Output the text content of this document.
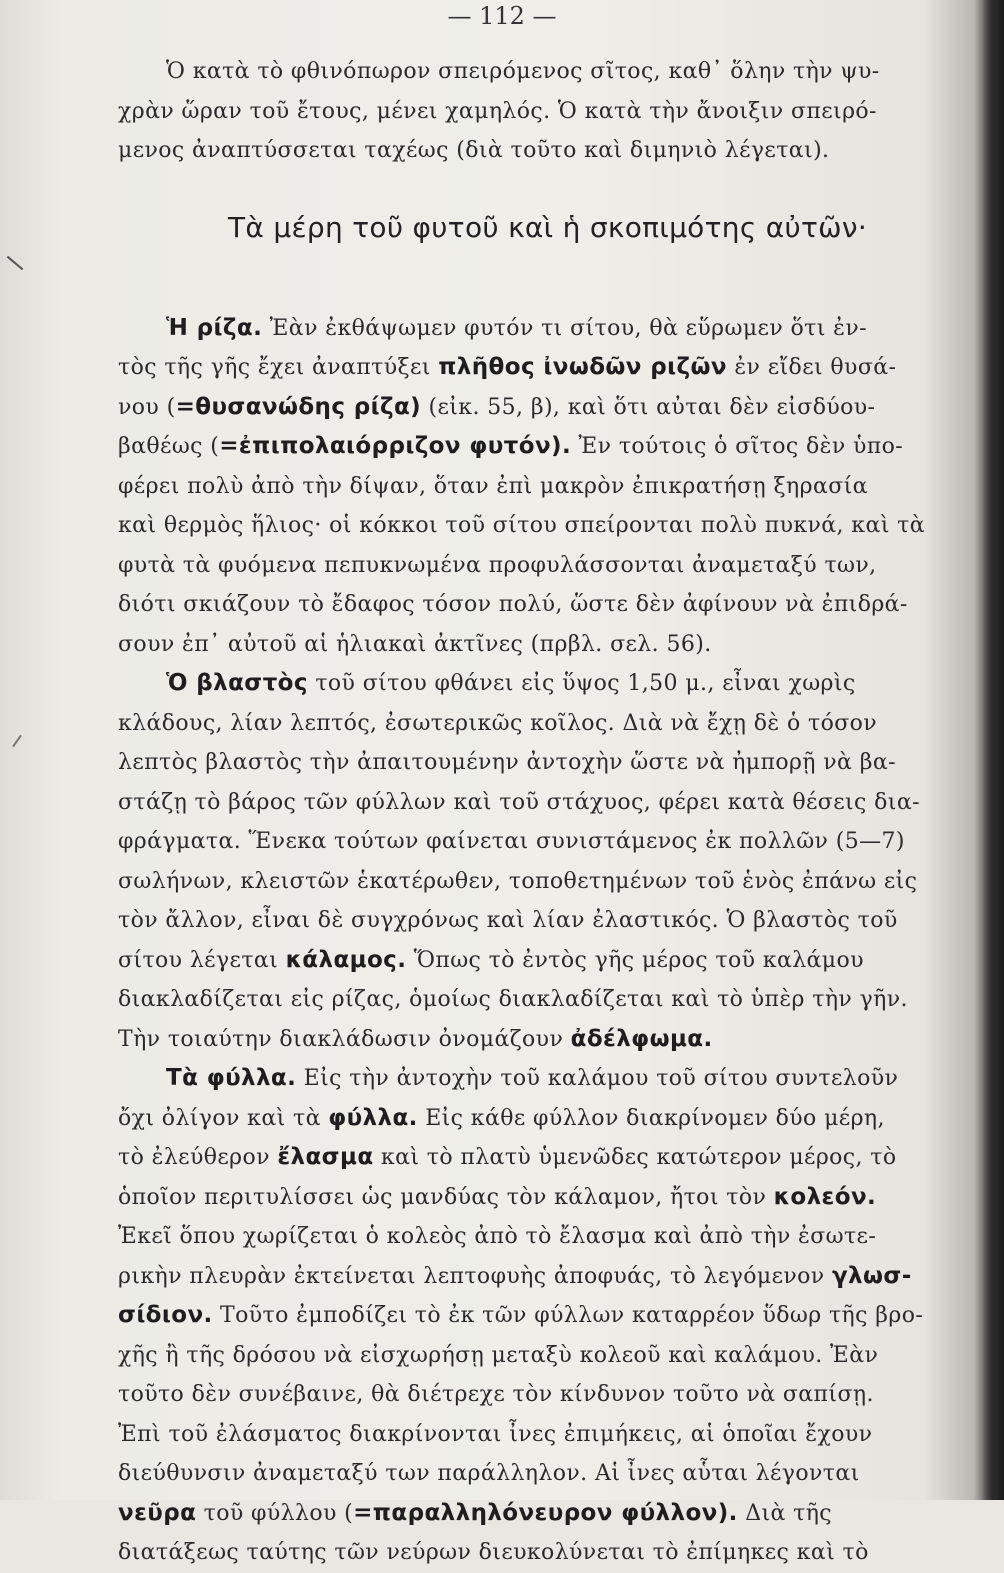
— 112 —
Ὁ κατὰ τὸ φθινόπωρον σπειρόμενος σῖτος, καθ᾽ ὅλην τὴν ψυ-
χρὰν ὥραν τοῦ ἔτους, μένει χαμηλός. Ὁ κατὰ τὴν ἄνοιξιν σπειρό-
μενος ἀναπτύσσεται ταχέως (διὰ τοῦτο καὶ διμηνιὸ λέγεται).
Τὰ μέρη τοῦ φυτοῦ καὶ ἡ σκοπιμότης αὐτῶν·
Ἡ ρίζα. Ἐὰν ἐκθάψωμεν φυτόν τι σίτου, θὰ εὕρωμεν ὅτι ἐν-
τὸς τῆς γῆς ἔχει ἀναπτύξει πλῆθος ἰνωδῶν ριζῶν ἐν εἴδει θυσά-
νου (=θυσανώδης ρίζα) (εἰκ. 55, β), καὶ ὅτι αὐται δὲν εἰσδύου-
βαθέως (=ἐπιπολαιόρριζον φυτόν). Ἐν τούτοις ὁ σῖτος δὲν ὑπο-
φέρει πολὺ ἀπὸ τὴν δίψαν, ὅταν ἐπὶ μακρὸν ἐπικρατήσῃ ξηρασία
καὶ θερμὸς ἥλιος· οἱ κόκκοι τοῦ σίτου σπείρονται πολὺ πυκνά, καὶ τὰ
φυτὰ τὰ φυόμενα πεπυκνωμένα προφυλάσσονται ἀναμεταξύ των,
διότι σκιάζουν τὸ ἔδαφος τόσον πολύ, ὥστε δὲν ἀφίνουν νὰ ἐπιδρά-
σουν ἐπ᾽ αὐτοῦ αἱ ἡλιακαὶ ἀκτῖνες (πρβλ. σελ. 56).
Ὁ βλαστὸς τοῦ σίτου φθάνει εἰς ὕψος 1,50 μ., εἶναι χωρὶς
κλάδους, λίαν λεπτός, ἐσωτερικῶς κοῖλος. Διὰ νὰ ἔχῃ δὲ ὁ τόσον
λεπτὸς βλαστὸς τὴν ἀπαιτουμένην ἀντοχὴν ὥστε νὰ ἠμπορῇ νὰ βα-
στάζῃ τὸ βάρος τῶν φύλλων καὶ τοῦ στάχυος, φέρει κατὰ θέσεις δια-
φράγματα. Ἕνεκα τούτων φαίνεται συνιστάμενος ἐκ πολλῶν (5—7)
σωλήνων, κλειστῶν ἑκατέρωθεν, τοποθετημένων τοῦ ἑνὸς ἐπάνω εἰς
τὸν ἄλλον, εἶναι δὲ συγχρόνως καὶ λίαν ἐλαστικός. Ὁ βλαστὸς τοῦ
σίτου λέγεται κάλαμος. Ὅπως τὸ ἐντὸς γῆς μέρος τοῦ καλάμου
διακλαδίζεται εἰς ρίζας, ὁμοίως διακλαδίζεται καὶ τὸ ὑπὲρ τὴν γῆν.
Τὴν τοιαύτην διακλάδωσιν ὀνομάζουν ἀδέλφωμα.
Τὰ φύλλα. Εἰς τὴν ἀντοχὴν τοῦ καλάμου τοῦ σίτου συντελοῦν
ὄχι ὀλίγον καὶ τὰ φύλλα. Εἰς κάθε φύλλον διακρίνομεν δύο μέρη,
τὸ ἐλεύθερον ἔλασμα καὶ τὸ πλατὺ ὑμενῶδες κατώτερον μέρος, τὸ
ὁποῖον περιτυλίσσει ὡς μανδύας τὸν κάλαμον, ἤτοι τὸν κολεόν.
Ἐκεῖ ὅπου χωρίζεται ὁ κολεὸς ἀπὸ τὸ ἔλασμα καὶ ἀπὸ τὴν ἐσωτε-
ρικὴν πλευρὰν ἐκτείνεται λεπτοφυὴς ἀποφυάς, τὸ λεγόμενον γλωσ-
σίδιον. Τοῦτο ἐμποδίζει τὸ ἐκ τῶν φύλλων καταρρέον ὕδωρ τῆς βρο-
χῆς ἢ τῆς δρόσου νὰ εἰσχωρήσῃ μεταξὺ κολεοῦ καὶ καλάμου. Ἐὰν
τοῦτο δὲν συνέβαινε, θὰ διέτρεχε τὸν κίνδυνον τοῦτο νὰ σαπίσῃ.
Ἐπὶ τοῦ ἐλάσματος διακρίνονται ἶνες ἐπιμήκεις, αἱ ὁποῖαι ἔχουν
διεύθυνσιν ἀναμεταξύ των παράλληλον. Αἱ ἶνες αὗται λέγονται
νεῦρα τοῦ φύλλου (=παραλληλόνευρον φύλλον). Διὰ τῆς
διατάξεως ταύτης τῶν νεύρων διευκολύνεται τὸ ἐπίμηκες καὶ τὸ
